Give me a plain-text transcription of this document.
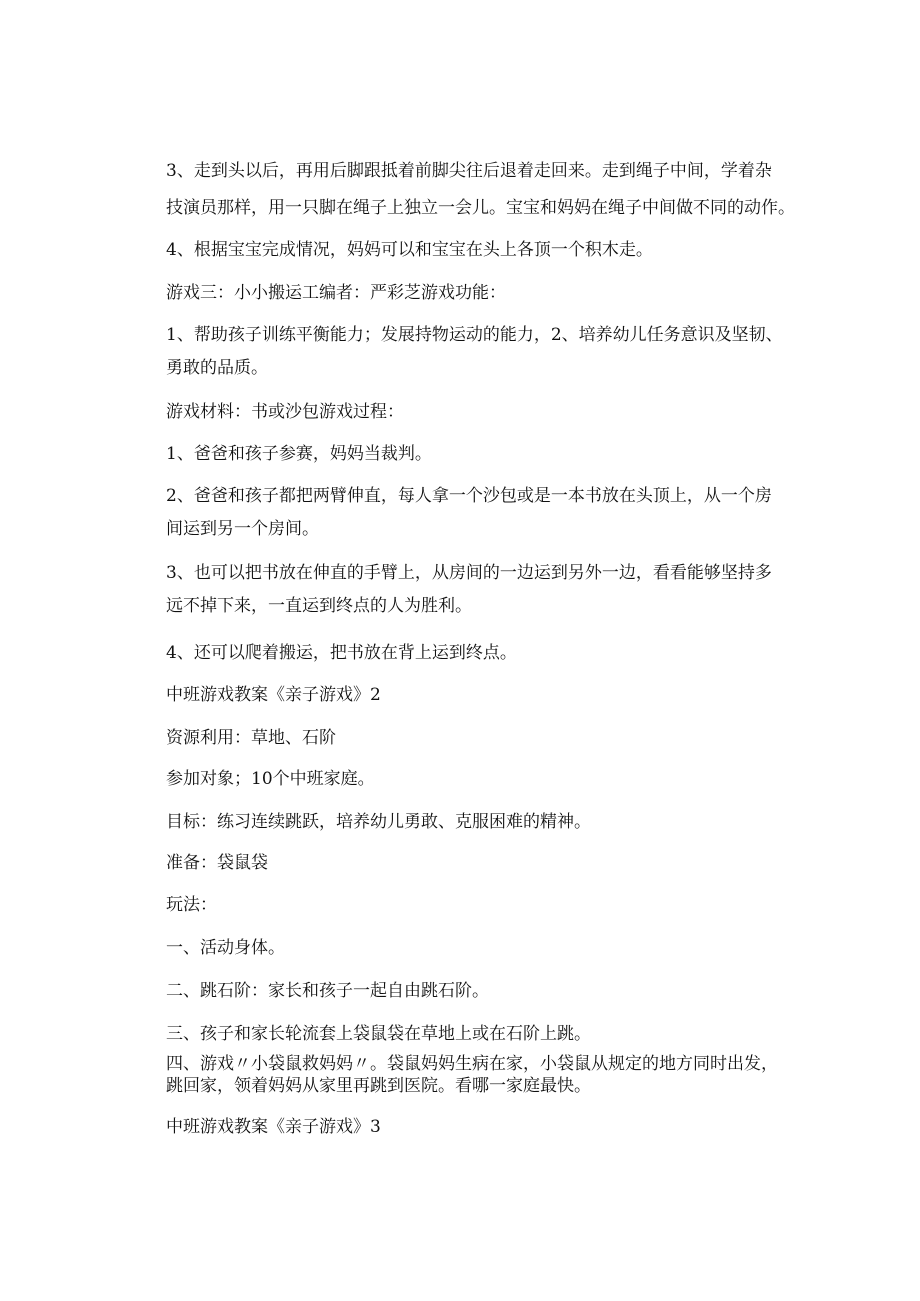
3、走到头以后，再用后脚跟抵着前脚尖往后退着走回来。走到绳子中间，学着杂

技演员那样，用一只脚在绳子上独立一会儿。宝宝和妈妈在绳子中间做不同的动作。

4、根据宝宝完成情况，妈妈可以和宝宝在头上各顶一个积木走。

游戏三：小小搬运工编者：严彩芝游戏功能：

1、帮助孩子训练平衡能力；发展持物运动的能力，2、培养幼儿任务意识及坚韧、

勇敢的品质。

游戏材料：书或沙包游戏过程：

1、爸爸和孩子参赛，妈妈当裁判。

2、爸爸和孩子都把两臂伸直，每人拿一个沙包或是一本书放在头顶上，从一个房

间运到另一个房间。

3、也可以把书放在伸直的手臂上，从房间的一边运到另外一边，看看能够坚持多

远不掉下来，一直运到终点的人为胜利。

4、还可以爬着搬运，把书放在背上运到终点。

中班游戏教案《亲子游戏》2

资源利用：草地、石阶

参加对象；10个中班家庭。

目标：练习连续跳跃，培养幼儿勇敢、克服困难的精神。

准备：袋鼠袋

玩法：

一、活动身体。

二、跳石阶：家长和孩子一起自由跳石阶。

三、孩子和家长轮流套上袋鼠袋在草地上或在石阶上跳。

四、游戏〃小袋鼠救妈妈〃。袋鼠妈妈生病在家，小袋鼠从规定的地方同时出发，

跳回家，领着妈妈从家里再跳到医院。看哪一家庭最快。

中班游戏教案《亲子游戏》3
